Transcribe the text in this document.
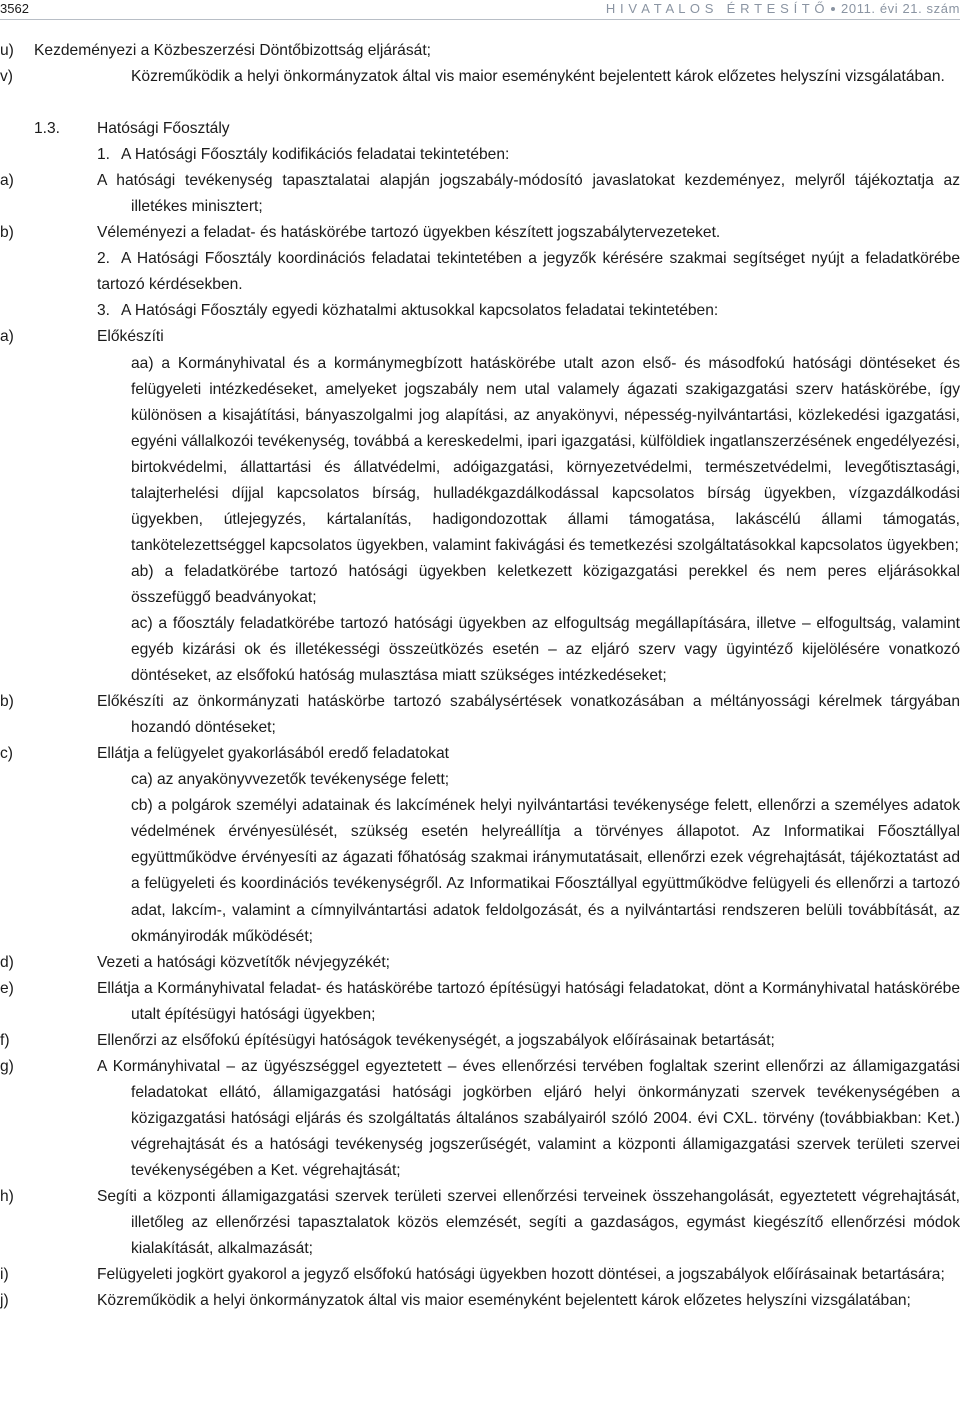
3562	H I V A T A L O S   É R T E S Í T Ő 2011. évi 21. szám

u) Kezdeményezi a Közbeszerzési Döntőbizottság eljárását;

v)	Közreműködik a helyi önkormányzatok által vis maior eseményként bejelentett károk előzetes helyszíni vizsgálatában.

1.3. Hatósági Főosztály

1. A Hatósági Főosztály kodifikációs feladatai tekintetében:

a)	A hatósági tevékenység tapasztalatai alapján jogszabály-módosító javaslatokat kezdeményez, melyről tájékoztatja az illetékes minisztert;

b)	Véleményezi a feladat- és hatáskörébe tartozó ügyekben készített jogszabálytervezeteket.

2. A Hatósági Főosztály koordinációs feladatai tekintetében a jegyzők kérésére szakmai segítséget nyújt a feladatkörébe tartozó kérdésekben.

3. A Hatósági Főosztály egyedi közhatalmi aktusokkal kapcsolatos feladatai tekintetében:

a)	Előkészíti

aa) a Kormányhivatal és a kormánymegbízott hatáskörébe utalt azon első- és másodfokú hatósági döntéseket és felügyeleti intézkedéseket, amelyeket jogszabály nem utal valamely ágazati szakigazgatási szerv hatáskörébe, így különösen a kisajátítási, bányaszolgalmi jog alapítási, az anyakönyvi, népesség-nyilvántartási, közlekedési igazgatási, egyéni vállalkozói tevékenység, továbbá a kereskedelmi, ipari igazgatási, külföldiek ingatlanszerzésének engedélyezési, birtokvédelmi, állattartási és állatvédelmi, adóigazgatási, környezetvédelmi, természetvédelmi, levegőtisztasági, talajterhelési díjjal kapcsolatos bírság, hulladékgazdálkodással kapcsolatos bírság ügyekben, vízgazdálkodási ügyekben, útlejegyzés, kártalanítás, hadigondozottak állami támogatása, lakáscélú állami támogatás, tankötelezettséggel kapcsolatos ügyekben, valamint fakivágási és temetkezési szolgáltatásokkal kapcsolatos ügyekben;

ab) a feladatkörébe tartozó hatósági ügyekben keletkezett közigazgatási perekkel és nem peres eljárásokkal összefüggő beadványokat;

ac) a főosztály feladatkörébe tartozó hatósági ügyekben az elfogultság megállapítására, illetve – elfogultság, valamint egyéb kizárási ok és illetékességi összeütközés esetén – az eljáró szerv vagy ügyintéző kijelölésére vonatkozó döntéseket, az elsőfokú hatóság mulasztása miatt szükséges intézkedéseket;

b)	Előkészíti az önkormányzati hatáskörbe tartozó szabálysértések vonatkozásában a méltányossági kérelmek tárgyában hozandó döntéseket;

c)	Ellátja a felügyelet gyakorlásából eredő feladatokat

ca) az anyakönyvvezetők tevékenysége felett;

cb) a polgárok személyi adatainak és lakcímének helyi nyilvántartási tevékenysége felett, ellenőrzi a személyes adatok védelmének érvényesülését, szükség esetén helyreállítja a törvényes állapotot. Az Informatikai Főosztállyal együttműködve érvényesíti az ágazati főhatóság szakmai iránymutatásait, ellenőrzi ezek végrehajtását, tájékoztatást ad a felügyeleti és koordinációs tevékenységről. Az Informatikai Főosztállyal együttműködve felügyeli és ellenőrzi a tartozó adat, lakcím-, valamint a címnyilvántartási adatok feldolgozását, és a nyilvántartási rendszeren belüli továbbítását, az okmányirodák működését;

d)	Vezeti a hatósági közvetítők névjegyzékét;

e)	Ellátja a Kormányhivatal feladat- és hatáskörébe tartozó építésügyi hatósági feladatokat, dönt a Kormányhivatal hatáskörébe utalt építésügyi hatósági ügyekben;

f)	Ellenőrzi az elsőfokú építésügyi hatóságok tevékenységét, a jogszabályok előírásainak betartását;

g)	A Kormányhivatal – az ügyészséggel egyeztetett – éves ellenőrzési tervében foglaltak szerint ellenőrzi az államigazgatási feladatokat ellátó, államigazgatási hatósági jogkörben eljáró helyi önkormányzati szervek tevékenységében a közigazgatási hatósági eljárás és szolgáltatás általános szabályairól szóló 2004. évi CXL. törvény (továbbiakban: Ket.) végrehajtását és a hatósági tevékenység jogszerűségét, valamint a központi államigazgatási szervek területi szervei tevékenységében a Ket. végrehajtását;

h)	Segíti a központi államigazgatási szervek területi szervei ellenőrzési terveinek összehangolását, egyeztetett végrehajtását, illetőleg az ellenőrzési tapasztalatok közös elemzését, segíti a gazdaságos, egymást kiegészítő ellenőrzési módok kialakítását, alkalmazását;

i)	Felügyeleti jogkört gyakorol a jegyző elsőfokú hatósági ügyekben hozott döntései, a jogszabályok előírásainak betartására;

j)	Közreműködik a helyi önkormányzatok által vis maior eseményként bejelentett károk előzetes helyszíni vizsgálatában;
